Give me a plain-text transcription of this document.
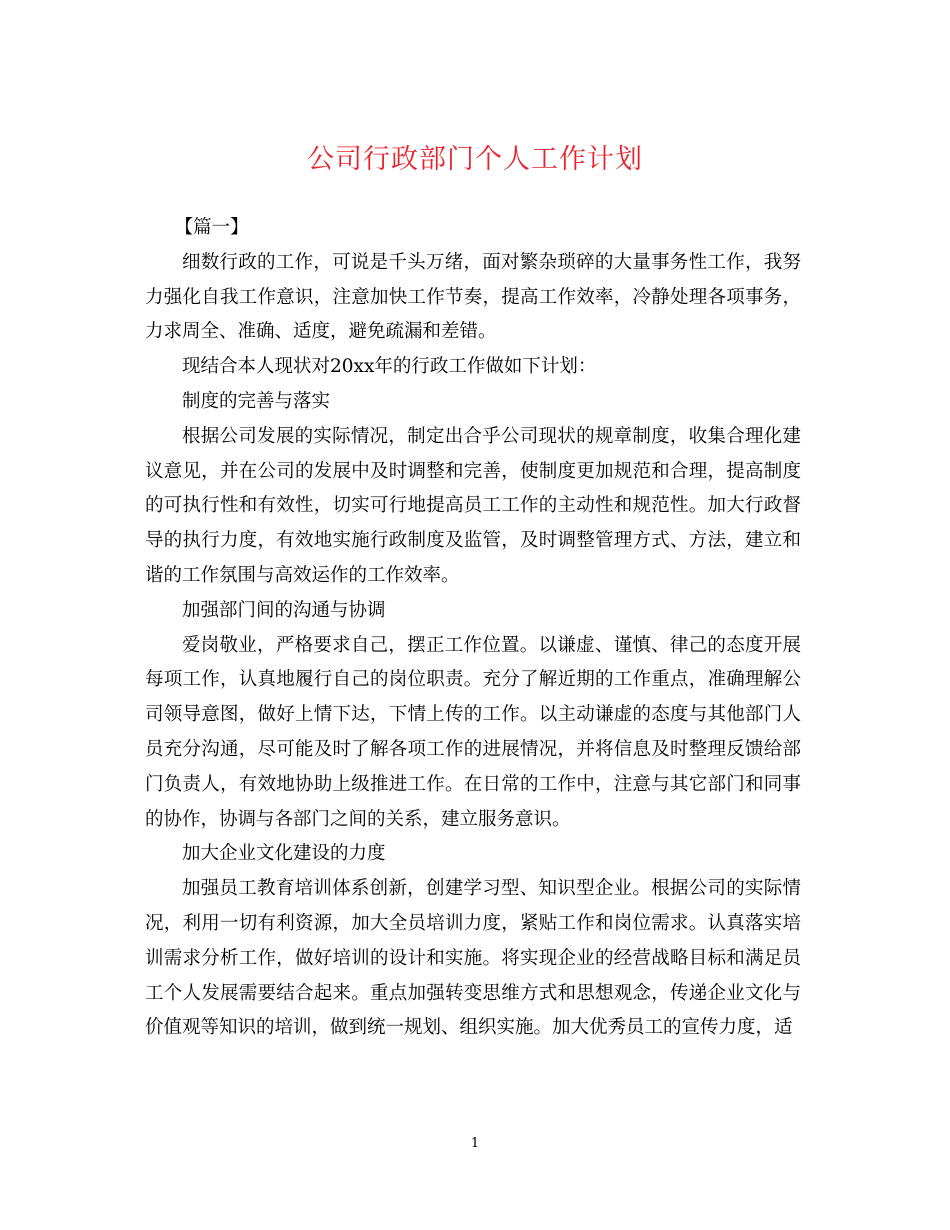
公司行政部门个人工作计划

【篇一】

细数行政的工作，可说是千头万绪，面对繁杂琐碎的大量事务性工作，我努力强化自我工作意识，注意加快工作节奏，提高工作效率，冷静处理各项事务，力求周全、准确、适度，避免疏漏和差错。

现结合本人现状对20xx年的行政工作做如下计划：

制度的完善与落实

根据公司发展的实际情况，制定出合乎公司现状的规章制度，收集合理化建议意见，并在公司的发展中及时调整和完善，使制度更加规范和合理，提高制度的可执行性和有效性，切实可行地提高员工工作的主动性和规范性。加大行政督导的执行力度，有效地实施行政制度及监管，及时调整管理方式、方法，建立和谐的工作氛围与高效运作的工作效率。

加强部门间的沟通与协调

爱岗敬业，严格要求自己，摆正工作位置。以谦虚、谨慎、律己的态度开展每项工作，认真地履行自己的岗位职责。充分了解近期的工作重点，准确理解公司领导意图，做好上情下达，下情上传的工作。以主动谦虚的态度与其他部门人员充分沟通，尽可能及时了解各项工作的进展情况，并将信息及时整理反馈给部门负责人，有效地协助上级推进工作。在日常的工作中，注意与其它部门和同事的协作，协调与各部门之间的关系，建立服务意识。

加大企业文化建设的力度

加强员工教育培训体系创新，创建学习型、知识型企业。根据公司的实际情况，利用一切有利资源，加大全员培训力度，紧贴工作和岗位需求。认真落实培训需求分析工作，做好培训的设计和实施。将实现企业的经营战略目标和满足员工个人发展需要结合起来。重点加强转变思维方式和思想观念，传递企业文化与价值观等知识的培训，做到统一规划、组织实施。加大优秀员工的宣传力度，适

1
